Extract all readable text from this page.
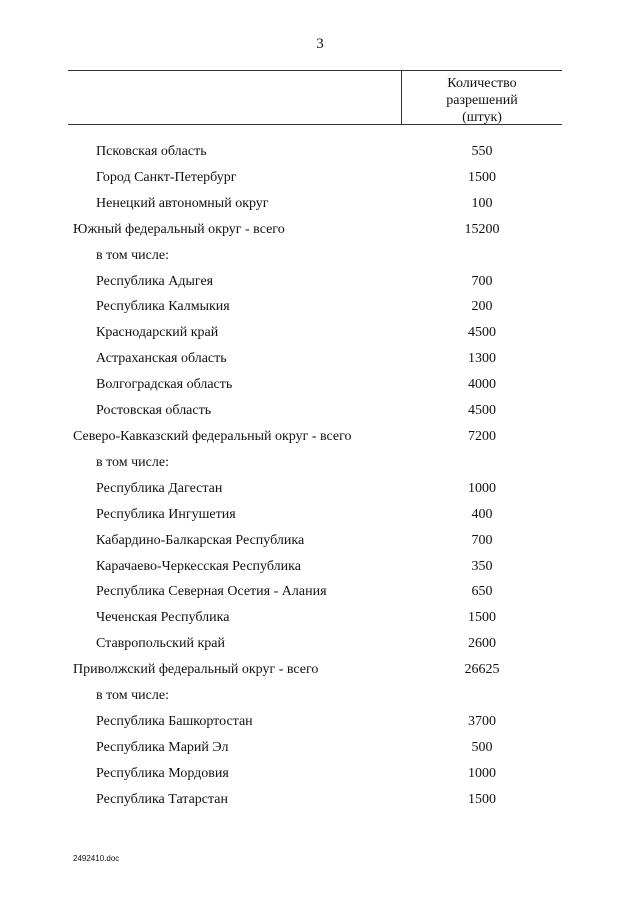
3
Количество
разрешений
(штук)
Псковская область	550
Город Санкт-Петербург	1500
Ненецкий автономный округ	100
Южный федеральный округ - всего	15200
в том числе:
Республика Адыгея	700
Республика Калмыкия	200
Краснодарский край	4500
Астраханская область	1300
Волгоградская область	4000
Ростовская область	4500
Северо-Кавказский федеральный округ - всего	7200
в том числе:
Республика Дагестан	1000
Республика Ингушетия	400
Кабардино-Балкарская Республика	700
Карачаево-Черкесская Республика	350
Республика Северная Осетия - Алания	650
Чеченская Республика	1500
Ставропольский край	2600
Приволжский федеральный округ - всего	26625
в том числе:
Республика Башкортостан	3700
Республика Марий Эл	500
Республика Мордовия	1000
Республика Татарстан	1500
2492410.doc
